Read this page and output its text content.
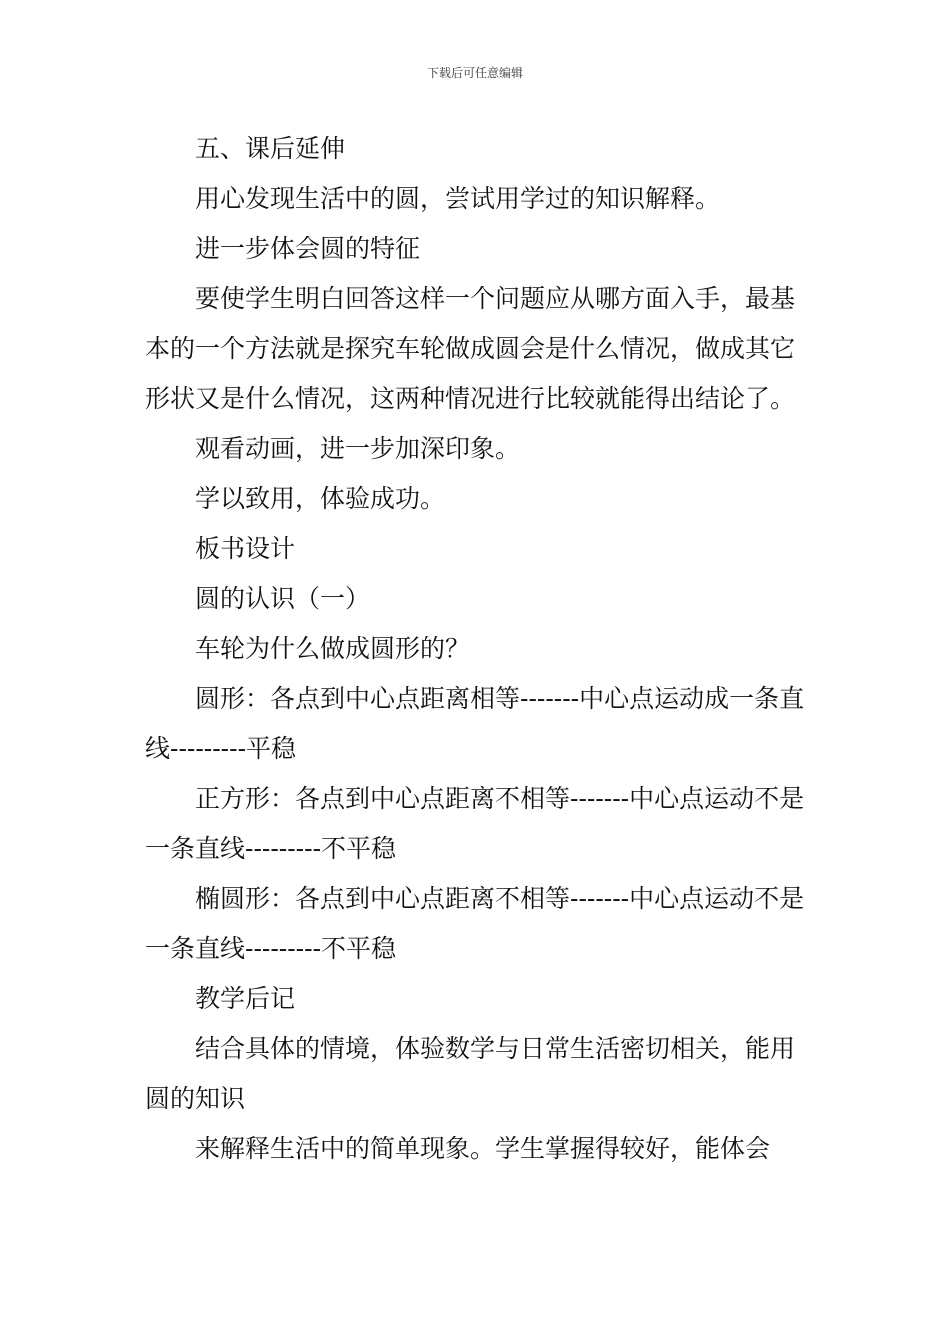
下载后可任意编辑

五、课后延伸

用心发现生活中的圆，尝试用学过的知识解释。

进一步体会圆的特征

要使学生明白回答这样一个问题应从哪方面入手，最基本的一个方法就是探究车轮做成圆会是什么情况，做成其它形状又是什么情况，这两种情况进行比较就能得出结论了。

观看动画，进一步加深印象。

学以致用，体验成功。

板书设计

圆的认识（一）

车轮为什么做成圆形的？

圆形：各点到中心点距离相等-------中心点运动成一条直线---------平稳

正方形：各点到中心点距离不相等-------中心点运动不是一条直线---------不平稳

椭圆形：各点到中心点距离不相等-------中心点运动不是一条直线---------不平稳

教学后记

结合具体的情境，体验数学与日常生活密切相关，能用圆的知识

来解释生活中的简单现象。学生掌握得较好，能体会
